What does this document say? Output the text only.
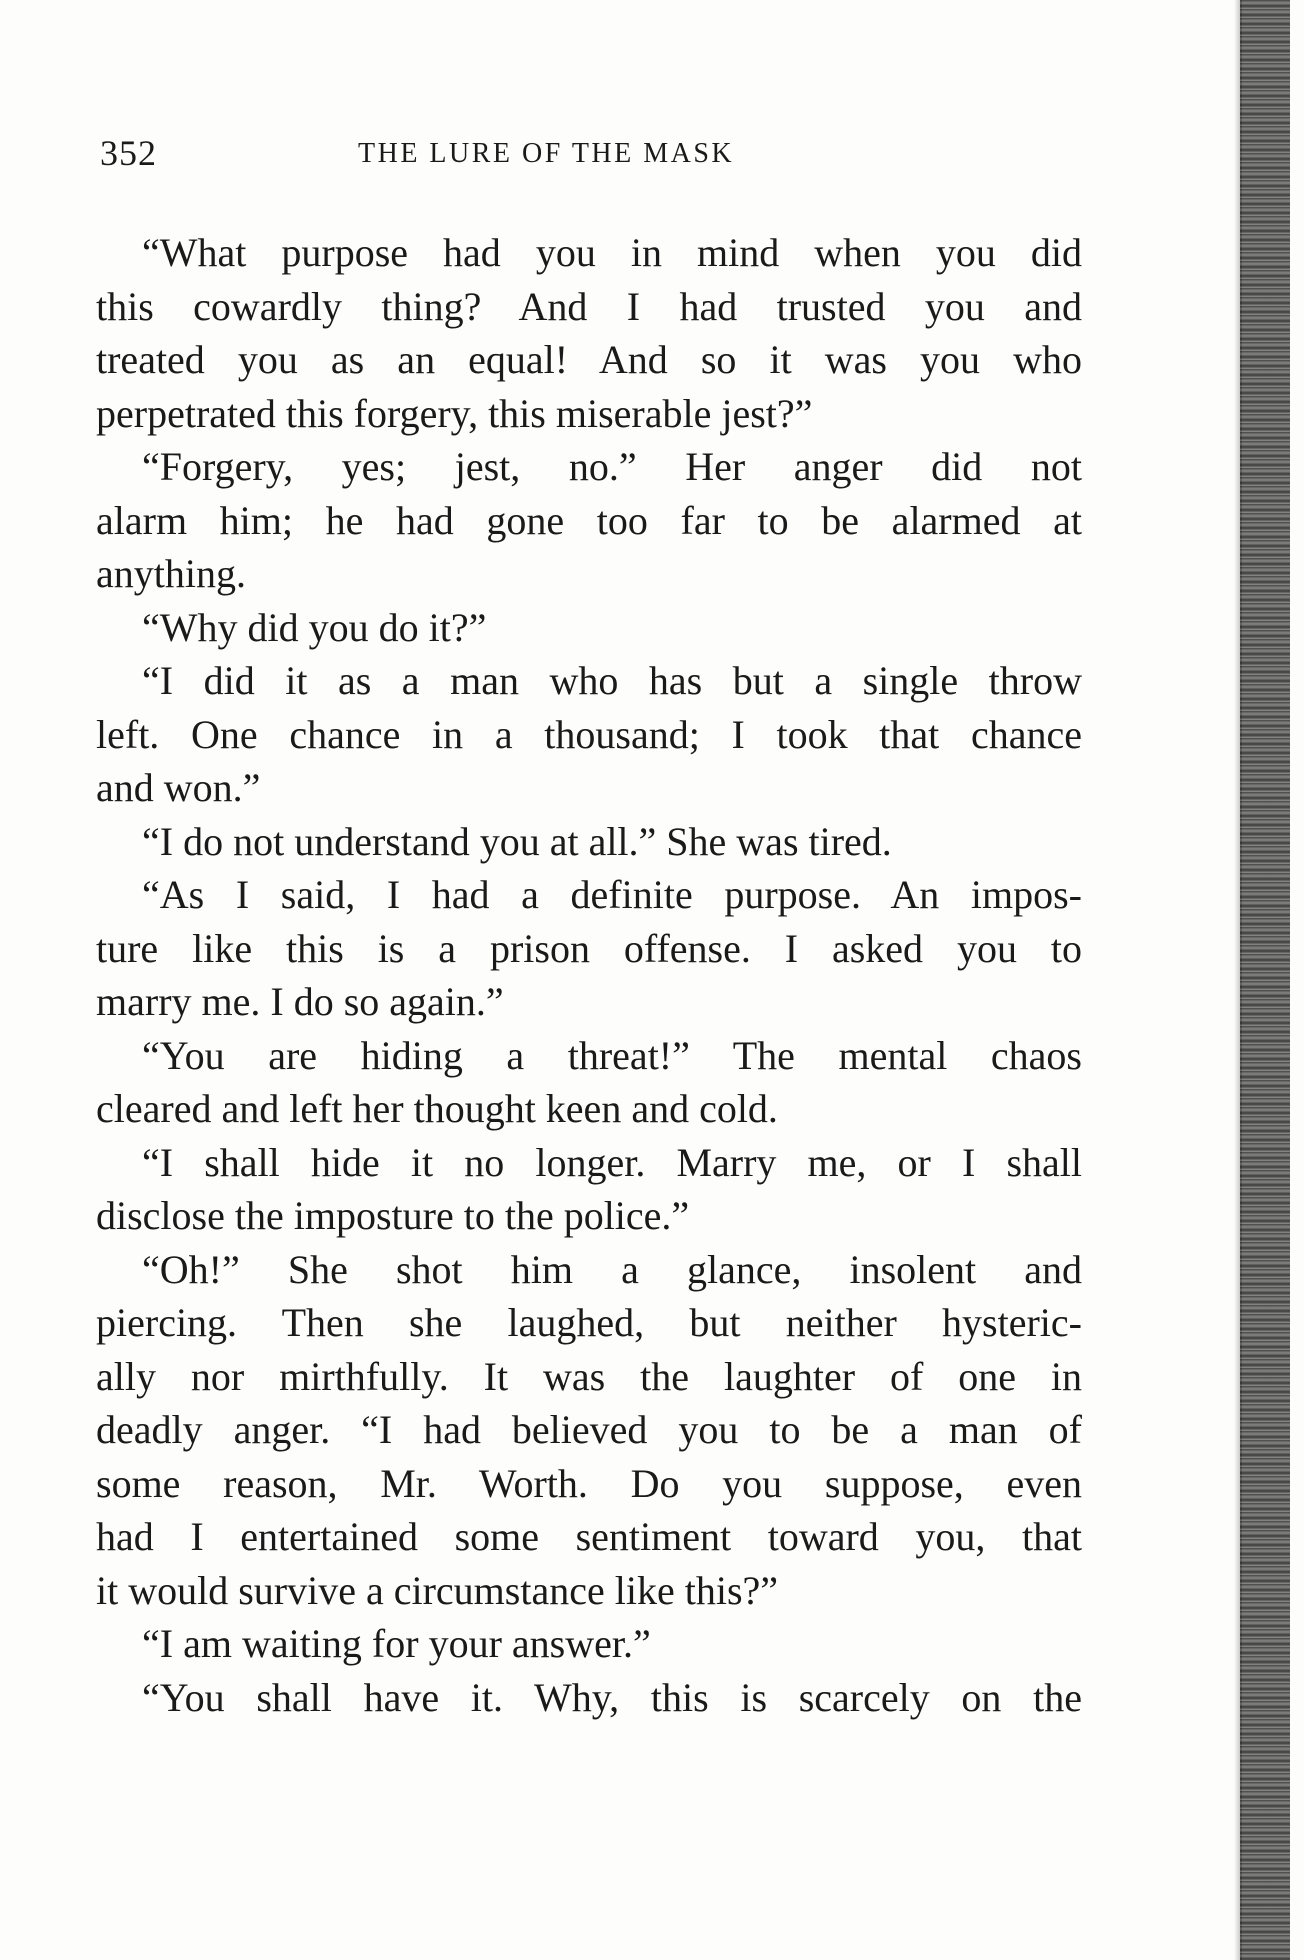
352	THE LURE OF THE MASK
“What purpose had you in mind when you did
this cowardly thing? And I had trusted you and
treated you as an equal! And so it was you who
perpetrated this forgery, this miserable jest?”
“Forgery, yes; jest, no.” Her anger did not
alarm him; he had gone too far to be alarmed at
anything.
“Why did you do it?”
“I did it as a man who has but a single throw
left. One chance in a thousand; I took that chance
and won.”
“I do not understand you at all.” She was tired.
“As I said, I had a definite purpose. An impos-
ture like this is a prison offense. I asked you to
marry me. I do so again.”
“You are hiding a threat!” The mental chaos
cleared and left her thought keen and cold.
“I shall hide it no longer. Marry me, or I shall
disclose the imposture to the police.”
“Oh!” She shot him a glance, insolent and
piercing. Then she laughed, but neither hysteric-
ally nor mirthfully. It was the laughter of one in
deadly anger. “I had believed you to be a man of
some reason, Mr. Worth. Do you suppose, even
had I entertained some sentiment toward you, that
it would survive a circumstance like this?”
“I am waiting for your answer.”
“You shall have it. Why, this is scarcely on the
